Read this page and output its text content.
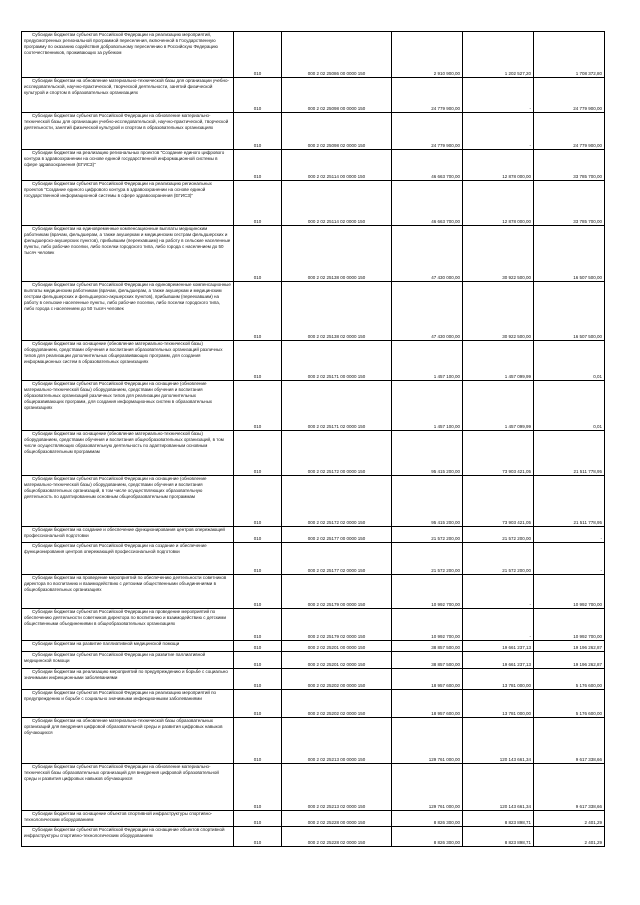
Субсидии бюджетам субъектов Российской Федерации на реализацию мероприятий, предусмотренных региональной программой переселения, включенной в Государственную программу по оказанию содействия добровольному переселению в Российскую Федерацию соотечественников, проживающих за рубежом	010	000 2 02 25086 00 0000 150	2 910 900,00	1 202 527,20	1 708 372,80
Субсидии бюджетам на обновление материально-технической базы для организации учебно-исследовательской, научно-практической, творческой деятельности, занятий физической культурой и спортом в образовательных организациях	010	000 2 02 25098 00 0000 150	24 779 900,00	-	24 779 900,00
Субсидии бюджетам субъектов Российской Федерации на обновление материально-технической базы для организации учебно-исследовательской, научно-практической, творческой деятельности, занятий физической культурой и спортом в образовательных организациях	010	000 2 02 25098 02 0000 150	24 779 900,00	-	24 779 900,00
Субсидии бюджетам на реализацию региональных проектов "Создание единого цифрового контура в здравоохранении на основе единой государственной информационной системы в сфере здравоохранения (ЕГИСЗ)"	010	000 2 02 25114 00 0000 150	46 663 700,00	12 878 000,00	33 785 700,00
Субсидии бюджетам субъектов Российской Федерации на реализацию региональных проектов "Создание единого цифрового контура в здравоохранении на основе единой государственной информационной системы в сфере здравоохранения (ЕГИСЗ)"	010	000 2 02 25114 02 0000 150	46 663 700,00	12 878 000,00	33 785 700,00
Субсидии бюджетам на единовременные компенсационные выплаты медицинским работникам (врачам, фельдшерам, а также акушеркам и медицинским сестрам фельдшерских и фельдшерско-акушерских пунктов), прибывшим (переехавшим) на работу в сельские населенные пункты, либо рабочие поселки, либо поселки городского типа, либо города с населением до 50 тысяч человек	010	000 2 02 25138 00 0000 150	47 430 000,00	30 922 500,00	16 507 500,00
Субсидии бюджетам субъектов Российской Федерации на единовременные компенсационные выплаты медицинским работникам (врачам, фельдшерам, а также акушеркам и медицинским сестрам фельдшерских и фельдшерско-акушерских пунктов), прибывшим (переехавшим) на работу в сельские населенные пункты, либо рабочие поселки, либо поселки городского типа, либо города с населением до 50 тысяч человек	010	000 2 02 25138 02 0000 150	47 430 000,00	30 922 500,00	16 507 500,00
Субсидии бюджетам на оснащение (обновление материально-технической базы) оборудованием, средствами обучения и воспитания образовательных организаций различных типов для реализации дополнительных общеразвивающих программ, для создания информационных систем в образовательных организациях	010	000 2 02 25171 00 0000 150	1 457 100,00	1 457 099,99	0,01
Субсидии бюджетам субъектов Российской Федерации на оснащение (обновление материально-технической базы) оборудованием, средствами обучения и воспитания образовательных организаций различных типов для реализации дополнительных общеразвивающих программ, для создания информационных систем в образовательных организациях	010	000 2 02 25171 02 0000 150	1 457 100,00	1 457 099,99	0,01
Субсидии бюджетам на оснащение (обновление материально-технической базы) оборудованием, средствами обучения и воспитания общеобразовательных организаций, в том числе осуществляющих образовательную деятельность по адаптированным основным общеобразовательным программам	010	000 2 02 25172 00 0000 150	95 415 200,00	73 903 421,05	21 511 778,95
Субсидии бюджетам субъектов Российской Федерации на оснащение (обновление материально-технической базы) оборудованием, средствами обучения и воспитания общеобразовательных организаций, в том числе осуществляющих образовательную деятельность по адаптированным основным общеобразовательным программам	010	000 2 02 25172 02 0000 150	95 415 200,00	73 903 421,05	21 511 778,95
Субсидии бюджетам на создание и обеспечение функционирования центров опережающей профессиональной подготовки	010	000 2 02 25177 00 0000 150	21 572 200,00	21 572 200,00	-
Субсидии бюджетам субъектов Российской Федерации на создание и обеспечение функционирования центров опережающей профессиональной подготовки	010	000 2 02 25177 02 0000 150	21 572 200,00	21 572 200,00	-
Субсидии бюджетам на проведение мероприятий по обеспечению деятельности советников директора по воспитанию и взаимодействию с детскими общественными объединениями в общеобразовательных организациях	010	000 2 02 25179 00 0000 150	10 992 700,00	-	10 992 700,00
Субсидии бюджетам субъектов Российской Федерации на проведение мероприятий по обеспечению деятельности советников директора по воспитанию и взаимодействию с детскими общественными объединениями в общеобразовательных организациях	010	000 2 02 25179 02 0000 150	10 992 700,00	-	10 992 700,00
Субсидии бюджетам на развитие паллиативной медицинской помощи	010	000 2 02 25201 00 0000 150	38 857 500,00	19 661 237,13	19 196 262,87
Субсидии бюджетам субъектов Российской Федерации на развитие паллиативной медицинской помощи	010	000 2 02 25201 02 0000 150	38 857 500,00	19 661 237,13	19 196 262,87
Субсидии бюджетам на реализацию мероприятий по предупреждению и борьбе с социально значимыми инфекционными заболеваниями	010	000 2 02 25202 00 0000 150	18 957 600,00	13 781 000,00	5 176 600,00
Субсидии бюджетам субъектов Российской Федерации на реализацию мероприятий по предупреждению и борьбе с социально значимыми инфекционными заболеваниями	010	000 2 02 25202 02 0000 150	18 957 600,00	13 781 000,00	5 176 600,00
Субсидии бюджетам на обновление материально-технической базы образовательных организаций для внедрения цифровой образовательной среды и развития цифровых навыков обучающихся	010	000 2 02 25213 00 0000 150	129 761 000,00	120 143 661,34	9 617 338,66
Субсидии бюджетам субъектов Российской Федерации на обновление материально-технической базы образовательных организаций для внедрения цифровой образовательной среды и развития цифровых навыков обучающихся	010	000 2 02 25213 02 0000 150	129 761 000,00	120 143 661,34	9 617 338,66
Субсидии бюджетам на оснащение объектов спортивной инфраструктуры спортивно-технологическим оборудованием	010	000 2 02 25228 00 0000 150	8 826 300,00	8 823 898,71	2 401,29
Субсидии бюджетам субъектов Российской Федерации на оснащение объектов спортивной инфраструктуры спортивно-технологическим оборудованием	010	000 2 02 25228 02 0000 150	8 826 300,00	8 823 898,71	2 401,29
